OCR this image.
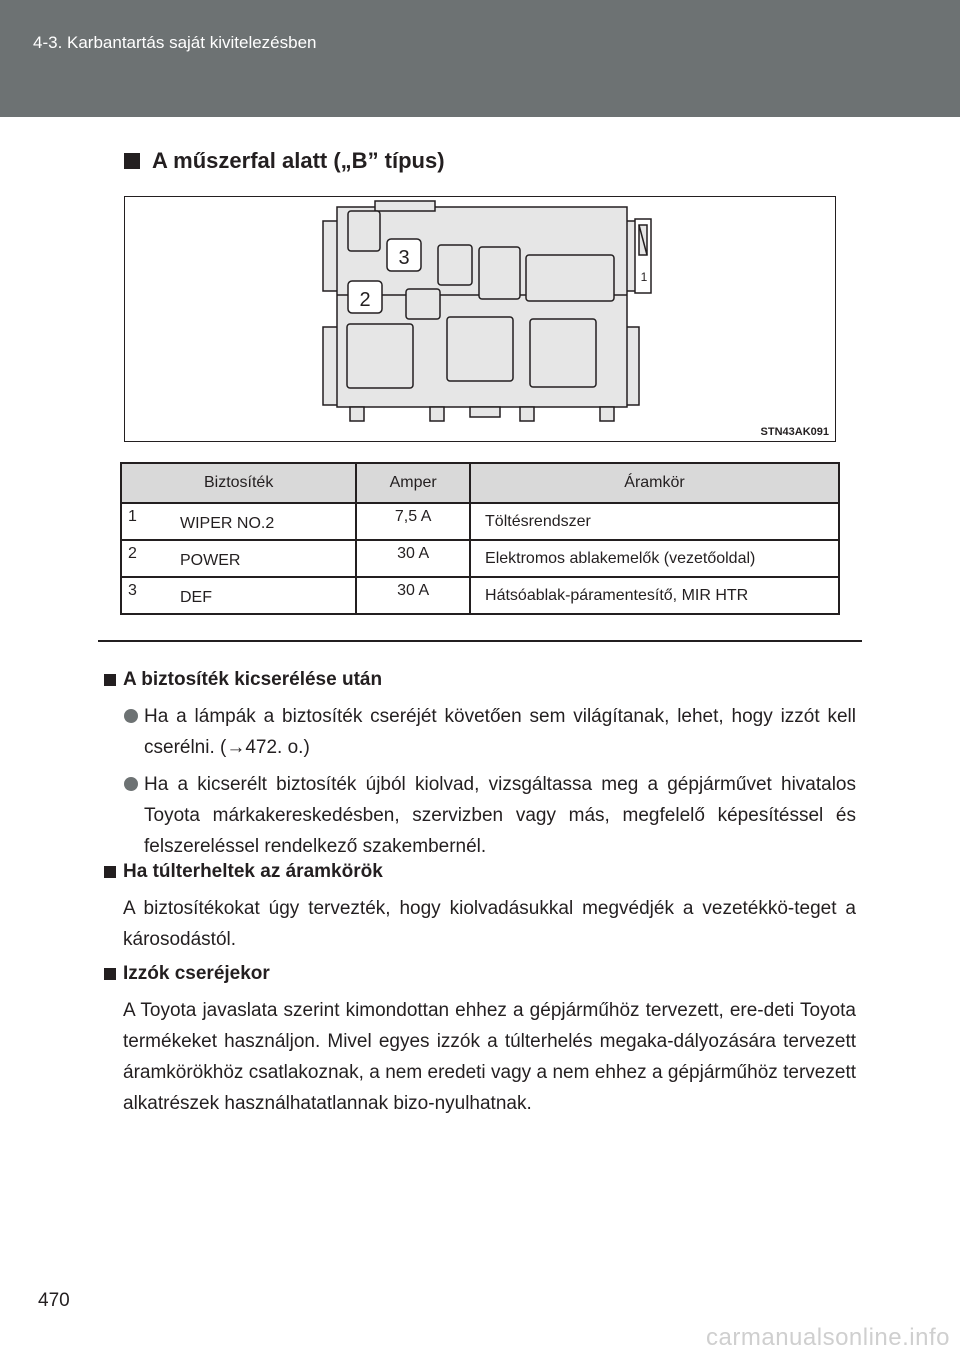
4-3. Karbantartás saját kivitelezésben
A műszerfal alatt („B” típus)
3
2
1
STN43AK091
Biztosíték	Amper	Áramkör

1 WIPER NO.2	7,5 A	Töltésrendszer

2 POWER	30 A	Elektromos ablakemelők (vezetőoldal)

3 DEF	30 A	Hátsóablak-páramentesítő, MIR HTR
A biztosíték kicserélése után
Ha a lámpák a biztosíték cseréjét követően sem világítanak, lehet, hogy izzót kell cserélni. (→472. o.)
Ha a kicserélt biztosíték újból kiolvad, vizsgáltassa meg a gépjárművet hivatalos Toyota márkakereskedésben, szervizben vagy más, megfelelő képesítéssel és felszereléssel rendelkező szakembernél.
Ha túlterheltek az áramkörök
A biztosítékokat úgy tervezték, hogy kiolvadásukkal megvédjék a vezetékkö-teget a károsodástól.
Izzók cseréjekor
A Toyota javaslata szerint kimondottan ehhez a gépjárműhöz tervezett, ere-deti Toyota termékeket használjon. Mivel egyes izzók a túlterhelés megaka-dályozására tervezett áramkörökhöz csatlakoznak, a nem eredeti vagy a nem ehhez a gépjárműhöz tervezett alkatrészek használhatatlannak bizo-nyulhatnak.
470
carmanualsonline.info
